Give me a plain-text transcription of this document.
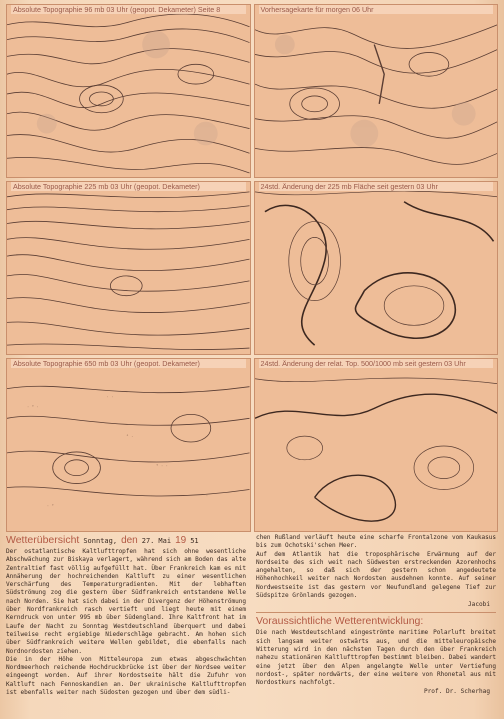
Absolute Topographie 96 mb 03 Uhr (geopot. Dekameter) Seite 8	Vorhersagekarte für morgen 06 Uhr
Absolute Topographie 225 mb 03 Uhr (geopot. Dekameter)	24std. Änderung der 225 mb Fläche seit gestern 03 Uhr
· ° ·
· ·
° · ·
· °
·
° ·
Absolute Topographie 650 mb 03 Uhr (geopot. Dekameter)	24std. Änderung der relat. Top. 500/1000 mb seit gestern 03 Uhr
Wetterübersicht Sonntag, den 27. Mai 19 51

Der ostatlantische Kaltlufttropfen hat sich ohne wesentliche Abschwächung zur Biskaya verlagert, während sich am Boden das alte Zentraltief fast völlig aufgefüllt hat. Über Frankreich kam es mit Annäherung der hochreichenden Kaltluft zu einer wesentlichen Verschärfung des Temperaturgradienten. Mit der lebhaften Südströmung zog die gestern über Südfrankreich entstandene Welle nach Norden. Sie hat sich dabei in der Divergenz der Höhenströmung über Nordfrankreich rasch vertieft und liegt heute mit einem Kerndruck von unter 995 mb über Südengland. Ihre Kaltfront hat im Laufe der Nacht zu Sonntag Westdeutschland überquert und dabei teilweise recht ergiebige Niederschläge gebracht. Am hohen sich über Südfrankreich weitere Wellen gebildet, die ebenfalls nach Nordnordosten ziehen.

Die in der Höhe von Mitteleuropa zum etwas abgeschwächten Nordmeerhoch reichende Hochdruckbrücke ist über der Nordsee weiter eingeengt worden. Auf ihrer Nordostseite hält die Zufuhr von Kaltluft nach Fennoskandien an. Der ukrainische Kaltlufttropfen ist ebenfalls weiter nach Südosten gezogen und über dem südli-

chen Rußland verläuft heute eine scharfe Frontalzone vom Kaukasus bis zum Ochotski'schen Meer.

Auf dem Atlantik hat die troposphärische Erwärmung auf der Nordseite des sich weit nach Südwesten erstreckenden Azorenhochs angehalten, so daß sich der gestern schon angedeutete Höhenhochkeil weiter nach Nordosten ausdehnen konnte. Auf seiner Nordwestseite ist das gestern vor Neufundland gelegene Tief zur Südspitze Grönlands gezogen.

Jacobi
Voraussichtliche Wetterentwicklung:

Die nach Westdeutschland eingeströmte maritime Polarluft breitet sich langsam weiter ostwärts aus, und die mitteleuropäische Witterung wird in den nächsten Tagen durch den über Frankreich nahezu stationären Kaltlufttropfen bestimmt bleiben. Dabei wandert eine jetzt über den Alpen angelangte Welle unter Vertiefung nordost-, später nordwärts, der eine weitere von Rhonetal aus mit Nordostkurs nachfolgt.

Prof. Dr. Scherhag
